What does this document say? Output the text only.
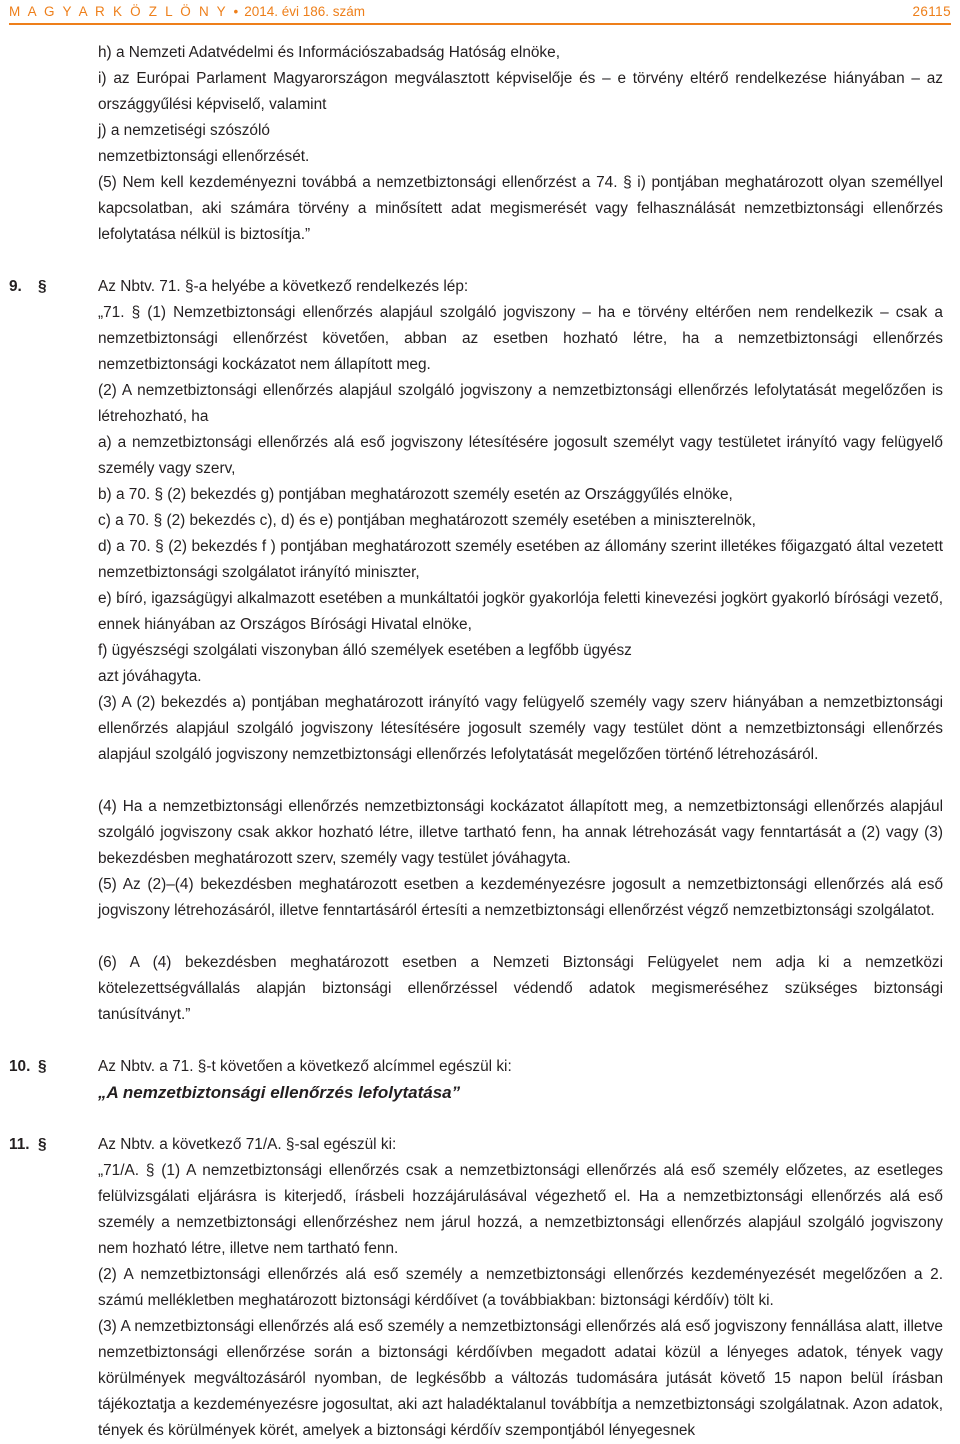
M A G Y A R K Ö Z L Ö N Y • 2014. évi 186. szám	26115
h) a Nemzeti Adatvédelmi és Információszabadság Hatóság elnöke,
i) az Európai Parlament Magyarországon megválasztott képviselője és – e törvény eltérő rendelkezése hiányában – az országgyűlési képviselő, valamint
j) a nemzetiségi szószóló
nemzetbiztonsági ellenőrzését.
(5) Nem kell kezdeményezni továbbá a nemzetbiztonsági ellenőrzést a 74. § i) pontjában meghatározott olyan személlyel kapcsolatban, aki számára törvény a minősített adat megismerését vagy felhasználását nemzetbiztonsági ellenőrzés lefolytatása nélkül is biztosítja.”
9. §	Az Nbtv. 71. §-a helyébe a következő rendelkezés lép:
„71. § (1) Nemzetbiztonsági ellenőrzés alapjául szolgáló jogviszony – ha e törvény eltérően nem rendelkezik – csak a nemzetbiztonsági ellenőrzést követően, abban az esetben hozható létre, ha a nemzetbiztonsági ellenőrzés nemzetbiztonsági kockázatot nem állapított meg.
(2) A nemzetbiztonsági ellenőrzés alapjául szolgáló jogviszony a nemzetbiztonsági ellenőrzés lefolytatását megelőzően is létrehozható, ha
a) a nemzetbiztonsági ellenőrzés alá eső jogviszony létesítésére jogosult személyt vagy testületet irányító vagy felügyelő személy vagy szerv,
b) a 70. § (2) bekezdés g) pontjában meghatározott személy esetén az Országgyűlés elnöke,
c) a 70. § (2) bekezdés c), d) és e) pontjában meghatározott személy esetében a miniszterelnök,
d) a 70. § (2) bekezdés f ) pontjában meghatározott személy esetében az állomány szerint illetékes főigazgató által vezetett nemzetbiztonsági szolgálatot irányító miniszter,
e) bíró, igazságügyi alkalmazott esetében a munkáltatói jogkör gyakorlója feletti kinevezési jogkört gyakorló bírósági vezető, ennek hiányában az Országos Bírósági Hivatal elnöke,
f) ügyészségi szolgálati viszonyban álló személyek esetében a legfőbb ügyész
azt jóváhagyta.
(3) A (2) bekezdés a) pontjában meghatározott irányító vagy felügyelő személy vagy szerv hiányában a nemzetbiztonsági ellenőrzés alapjául szolgáló jogviszony létesítésére jogosult személy vagy testület dönt a nemzetbiztonsági ellenőrzés alapjául szolgáló jogviszony nemzetbiztonsági ellenőrzés lefolytatását megelőzően történő létrehozásáról.
(4) Ha a nemzetbiztonsági ellenőrzés nemzetbiztonsági kockázatot állapított meg, a nemzetbiztonsági ellenőrzés alapjául szolgáló jogviszony csak akkor hozható létre, illetve tartható fenn, ha annak létrehozását vagy fenntartását a (2) vagy (3) bekezdésben meghatározott szerv, személy vagy testület jóváhagyta.
(5) Az (2)–(4) bekezdésben meghatározott esetben a kezdeményezésre jogosult a nemzetbiztonsági ellenőrzés alá eső jogviszony létrehozásáról, illetve fenntartásáról értesíti a nemzetbiztonsági ellenőrzést végző nemzetbiztonsági szolgálatot.
(6) A (4) bekezdésben meghatározott esetben a Nemzeti Biztonsági Felügyelet nem adja ki a nemzetközi kötelezettségvállalás alapján biztonsági ellenőrzéssel védendő adatok megismeréséhez szükséges biztonsági tanúsítványt.”
10. §	Az Nbtv. a 71. §-t követően a következő alcímmel egészül ki:
„A nemzetbiztonsági ellenőrzés lefolytatása”
11. §	Az Nbtv. a következő 71/A. §-sal egészül ki:
„71/A. § (1) A nemzetbiztonsági ellenőrzés csak a nemzetbiztonsági ellenőrzés alá eső személy előzetes, az esetleges felülvizsgálati eljárásra is kiterjedő, írásbeli hozzájárulásával végezhető el. Ha a nemzetbiztonsági ellenőrzés alá eső személy a nemzetbiztonsági ellenőrzéshez nem járul hozzá, a nemzetbiztonsági ellenőrzés alapjául szolgáló jogviszony nem hozható létre, illetve nem tartható fenn.
(2) A nemzetbiztonsági ellenőrzés alá eső személy a nemzetbiztonsági ellenőrzés kezdeményezését megelőzően a 2. számú mellékletben meghatározott biztonsági kérdőívet (a továbbiakban: biztonsági kérdőív) tölt ki.
(3) A nemzetbiztonsági ellenőrzés alá eső személy a nemzetbiztonsági ellenőrzés alá eső jogviszony fennállása alatt, illetve nemzetbiztonsági ellenőrzése során a biztonsági kérdőívben megadott adatai közül a lényeges adatok, tények vagy körülmények megváltozásáról nyomban, de legkésőbb a változás tudomására jutását követő 15 napon belül írásban tájékoztatja a kezdeményezésre jogosultat, aki azt haladéktalanul továbbítja a nemzetbiztonsági szolgálatnak. Azon adatok, tények és körülmények körét, amelyek a biztonsági kérdőív szempontjából lényegesnek
